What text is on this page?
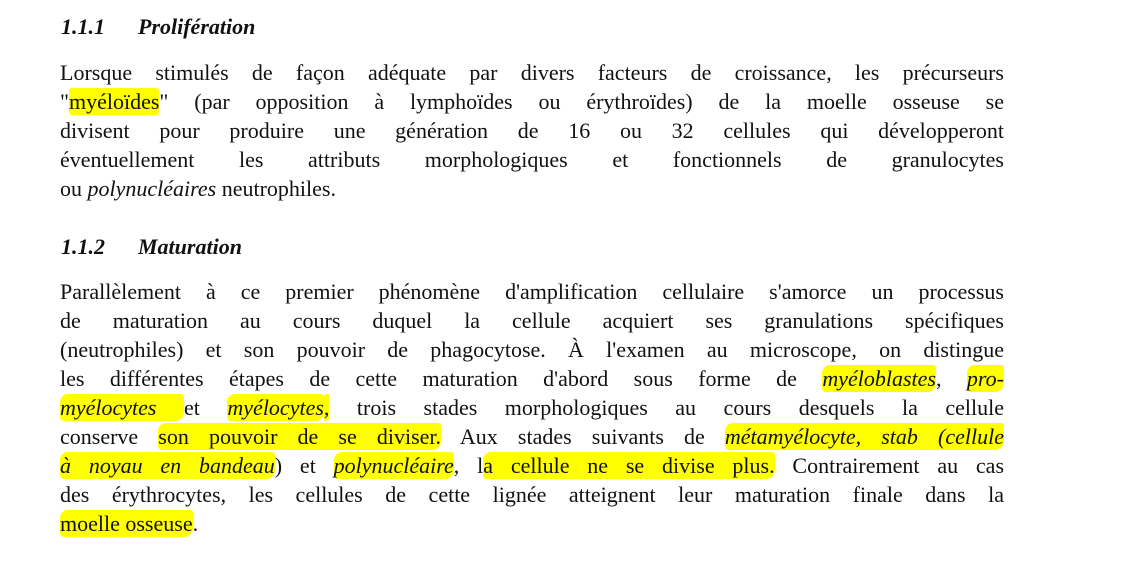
1.1.1 Prolifération
Lorsque stimulés de façon adéquate par divers facteurs de croissance, les précurseurs
"myéloïdes" (par opposition à lymphoïdes ou érythroïdes) de la moelle osseuse se
divisent pour produire une génération de 16 ou 32 cellules qui développeront
éventuellement les attributs morphologiques et fonctionnels de granulocytes
ou polynucléaires neutrophiles.
1.1.2 Maturation
Parallèlement à ce premier phénomène d'amplification cellulaire s'amorce un processus
de maturation au cours duquel la cellule acquiert ses granulations spécifiques
(neutrophiles) et son pouvoir de phagocytose. À l'examen au microscope, on distingue
les différentes étapes de cette maturation d'abord sous forme de myéloblastes, pro-
myélocytes et myélocytes, trois stades morphologiques au cours desquels la cellule
conserve son pouvoir de se diviser. Aux stades suivants de métamyélocyte, stab (cellule
à noyau en bandeau) et polynucléaire, la cellule ne se divise plus. Contrairement au cas
des érythrocytes, les cellules de cette lignée atteignent leur maturation finale dans la
moelle osseuse.
